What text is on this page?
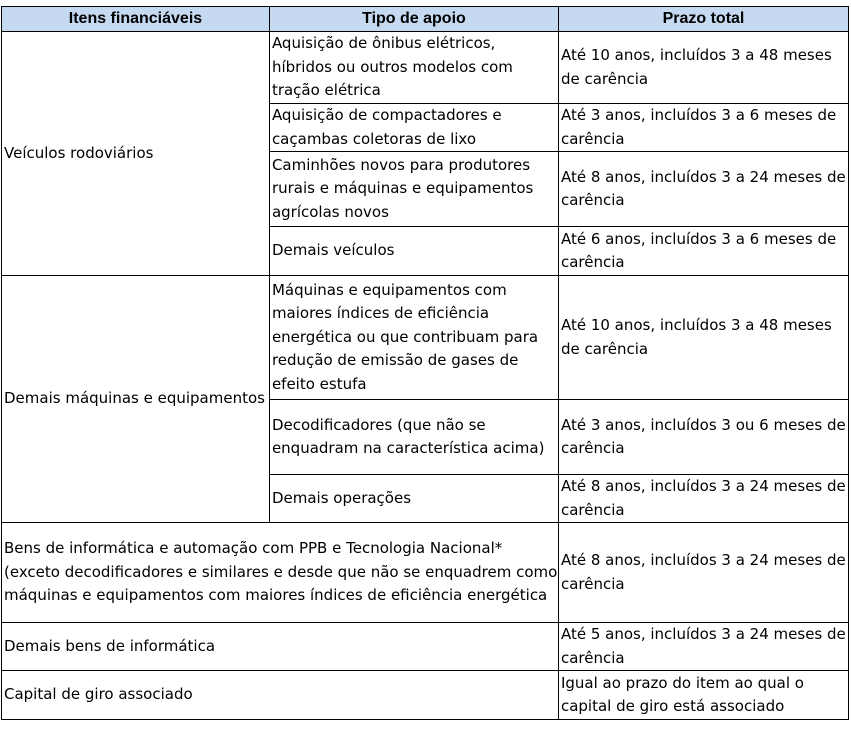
Itens financiáveis	Tipo de apoio	Prazo total
Veículos rodoviários	Aquisição de ônibus elétricos, híbridos ou outros modelos com tração elétrica	Até 10 anos, incluídos 3 a 48 meses de carência
	Aquisição de compactadores e caçambas coletoras de lixo	Até 3 anos, incluídos 3 a 6 meses de carência
	Caminhões novos para produtores rurais e máquinas e equipamentos agrícolas novos	Até 8 anos, incluídos 3 a 24 meses de carência
	Demais veículos	Até 6 anos, incluídos 3 a 6 meses de carência
Demais máquinas e equipamentos	Máquinas e equipamentos com maiores índices de eficiência energética ou que contribuam para redução de emissão de gases de efeito estufa	Até 10 anos, incluídos 3 a 48 meses de carência
	Decodificadores (que não se enquadram na característica acima)	Até 3 anos, incluídos 3 ou 6 meses de carência
	Demais operações	Até 8 anos, incluídos 3 a 24 meses de carência
Bens de informática e automação com PPB e Tecnologia Nacional* (exceto decodificadores e similares e desde que não se enquadrem como máquinas e equipamentos com maiores índices de eficiência energética		Até 8 anos, incluídos 3 a 24 meses de carência
Demais bens de informática		Até 5 anos, incluídos 3 a 24 meses de carência
Capital de giro associado		Igual ao prazo do item ao qual o capital de giro está associado
